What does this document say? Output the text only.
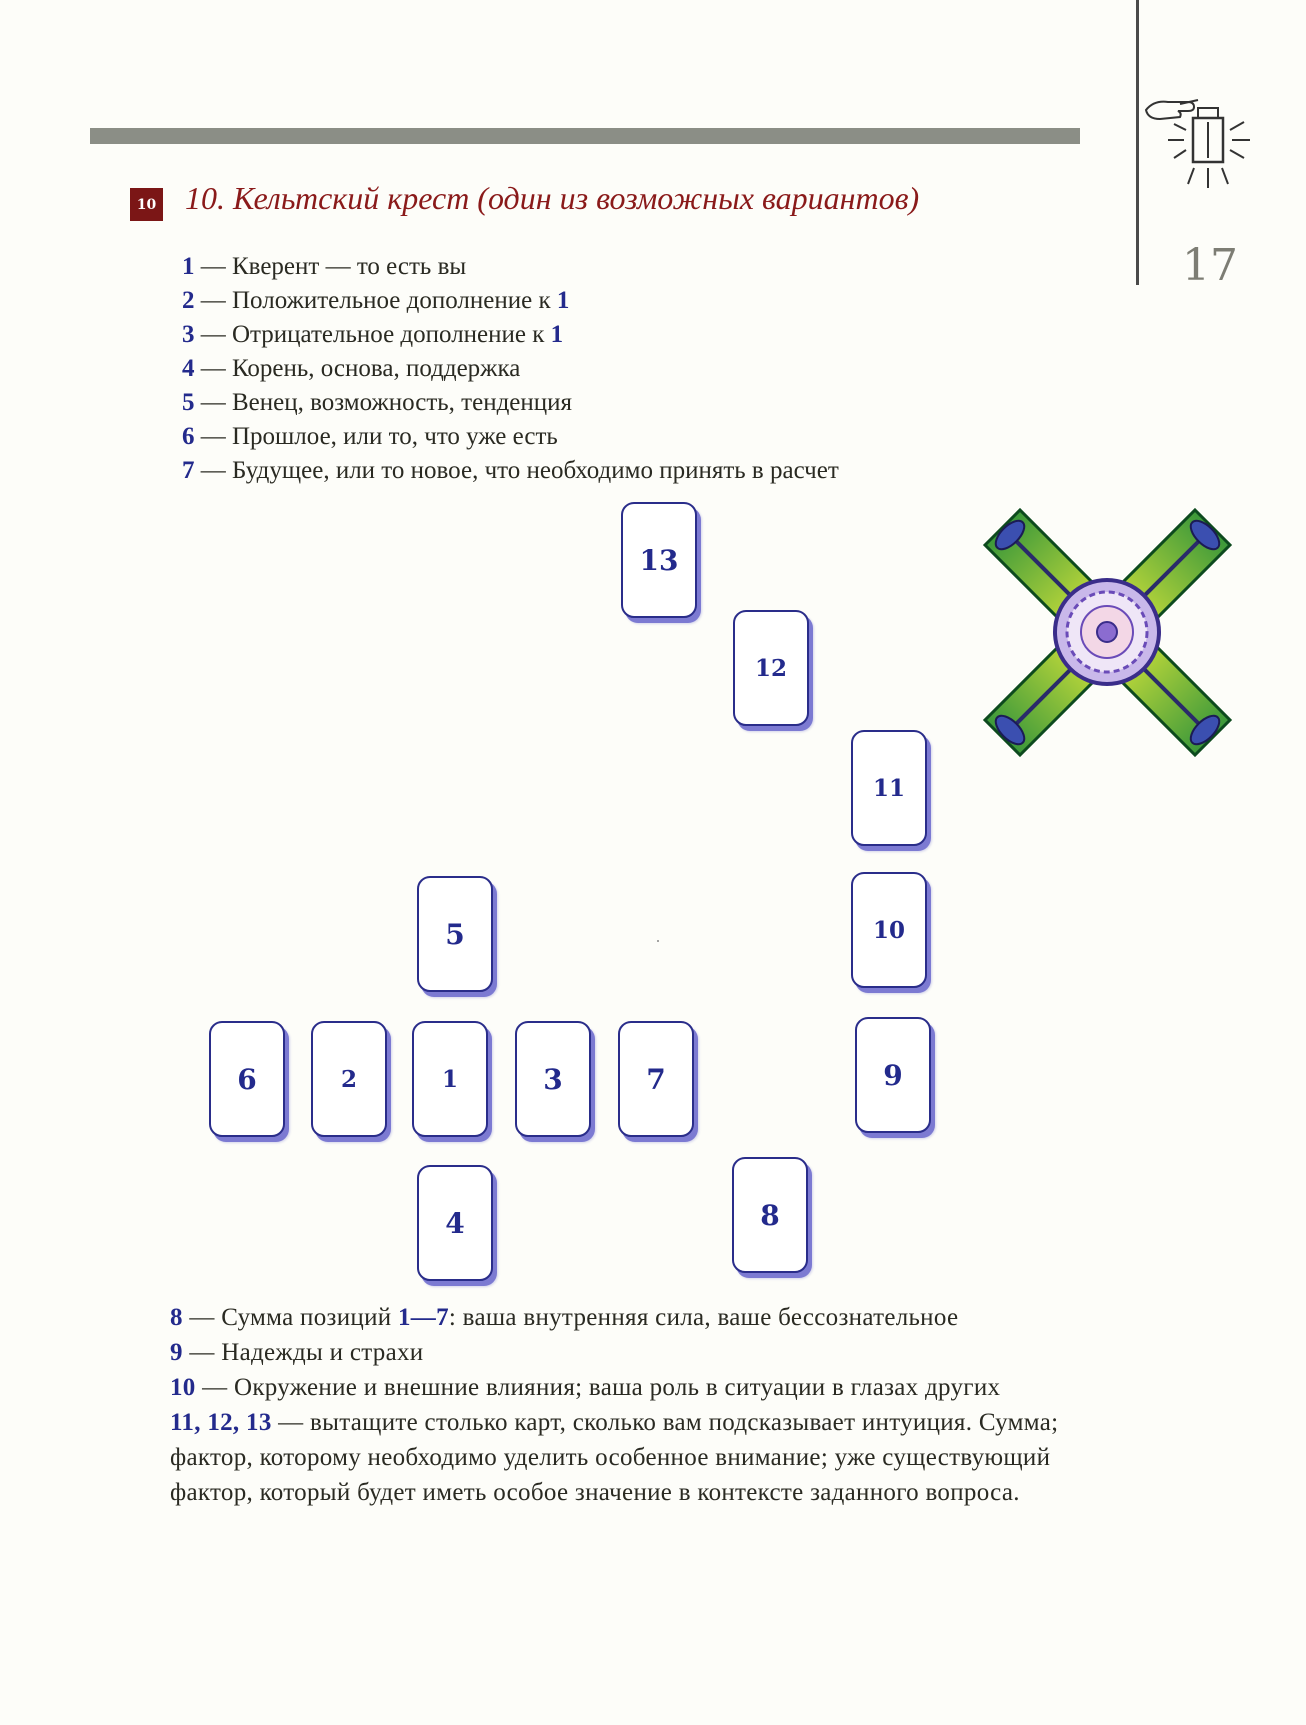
17
10 10. Кельтский крест (один из возможных вариантов)
1 — Кверент — то есть вы
2 — Положительное дополнение к 1
3 — Отрицательное дополнение к 1
4 — Корень, основа, поддержка
5 — Венец, возможность, тенденция
6 — Прошлое, или то, что уже есть
7 — Будущее, или то новое, что необходимо принять в расчет
13
12
11
5	10
6	2	1	3	7	9
4	8
8 — Сумма позиций 1—7: ваша внутренняя сила, ваше бессознательное
9 — Надежды и страхи
10 — Окружение и внешние влияния; ваша роль в ситуации в глазах других
11, 12, 13 — вытащите столько карт, сколько вам подсказывает интуиция. Сумма; фактор, которому необходимо уделить особенное внимание; уже существующий фактор, который будет иметь особое значение в контексте заданного вопроса.
